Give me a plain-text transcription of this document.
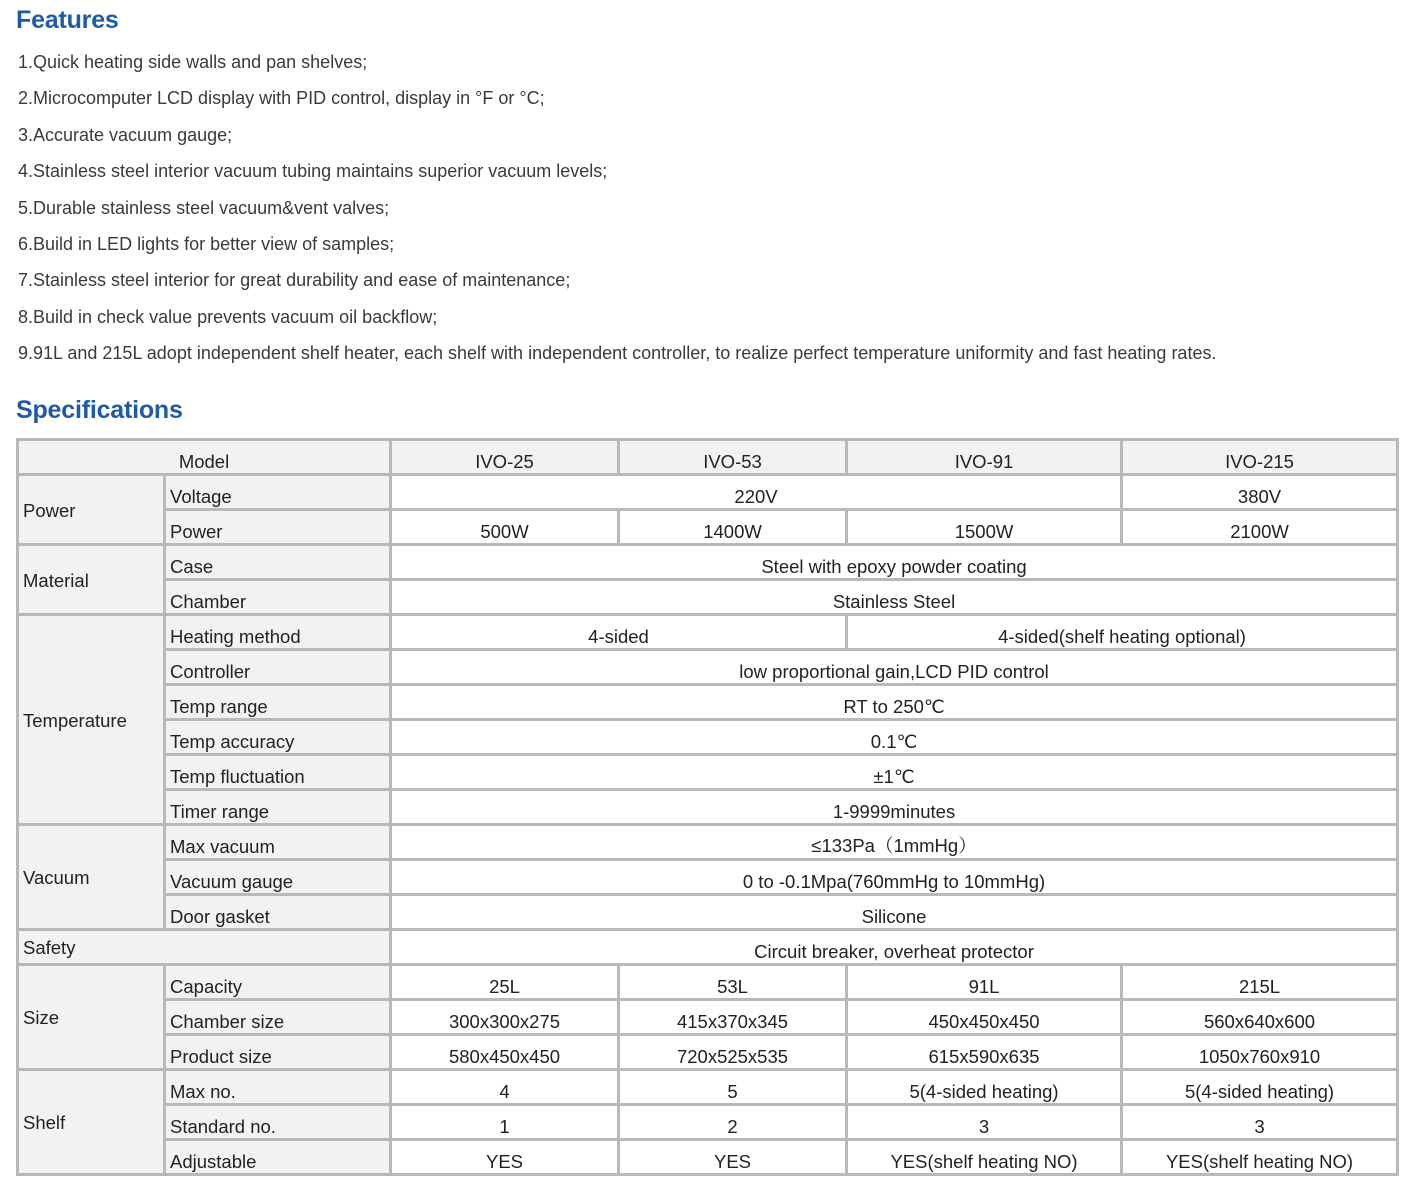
Features
1.Quick heating side walls and pan shelves;
2.Microcomputer LCD display with PID control, display in °F or °C;
3.Accurate vacuum gauge;
4.Stainless steel interior vacuum tubing maintains superior vacuum levels;
5.Durable stainless steel vacuum&vent valves;
6.Build in LED lights for better view of samples;
7.Stainless steel interior for great durability and ease of maintenance;
8.Build in check value prevents vacuum oil backflow;
9.91L and 215L adopt independent shelf heater, each shelf with independent controller, to realize perfect temperature uniformity and fast heating rates.
Specifications
Model		IVO-25	IVO-53	IVO-91	IVO-215
Power	Voltage	220V			380V
	Power	500W	1400W	1500W	2100W
Material	Case	Steel with epoxy powder coating			
	Chamber	Stainless Steel			
Temperature	Heating method	4-sided		4-sided(shelf heating optional)	
	Controller	low proportional gain,LCD PID control			
	Temp range	RT to 250℃			
	Temp accuracy	0.1℃			
	Temp fluctuation	±1℃			
	Timer range	1-9999minutes			
Vacuum	Max vacuum	≤133Pa（1mmHg）			
	Vacuum gauge	0 to -0.1Mpa(760mmHg to 10mmHg)			
	Door gasket	Silicone			
Safety		Circuit breaker, overheat protector			
Size	Capacity	25L	53L	91L	215L
	Chamber size	300x300x275	415x370x345	450x450x450	560x640x600
	Product size	580x450x450	720x525x535	615x590x635	1050x760x910
Shelf	Max no.	4	5	5(4-sided heating)	5(4-sided heating)
	Standard no.	1	2	3	3
	Adjustable	YES	YES	YES(shelf heating NO)	YES(shelf heating NO)
